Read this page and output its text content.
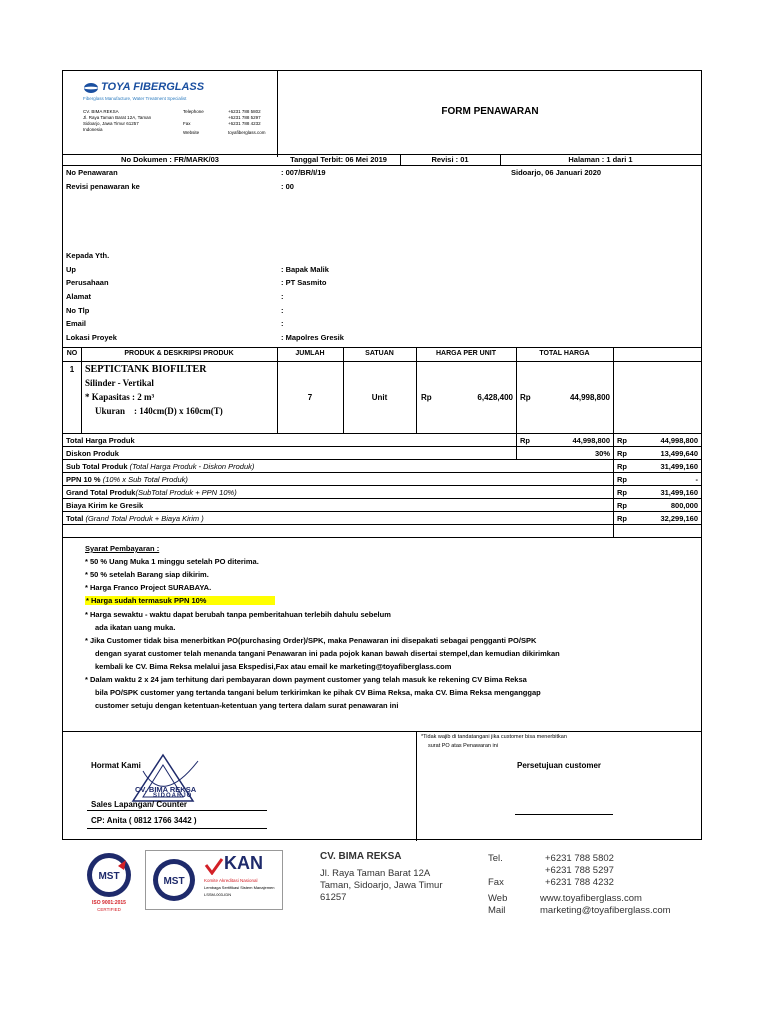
TOYA FIBERGLASS
Fiberglass Manufacture, Water Treatment Specialist
CV. BIMA REKSA
Jl. Raya Taman Barat 12A, Taman
Sidoarjo, Jawa Timur 61257
Indonesia
Telephone	+6231 788 5802
+6231 788 5297
Fax	+6231 788 4232
Website	toyafiberglass.com
FORM PENAWARAN
No Dokumen : FR/MARK/03	Tanggal Terbit: 06 Mei 2019	Revisi : 01	Halaman : 1 dari 1
No Penawaran	: 007/BR/I/19	Sidoarjo, 06 Januari 2020
Revisi penawaran ke	: 00
Kepada Yth.
Up	: Bapak Malik
Perusahaan	: PT Sasmito
Alamat	:
No Tlp	:
Email	:
Lokasi Proyek	: Mapolres Gresik
NO	PRODUK & DESKRIPSI PRODUK	JUMLAH	SATUAN	HARGA PER UNIT	TOTAL HARGA
1	SEPTICTANK BIOFILTER
Silinder - Vertikal
* Kapasitas : 2 m³
Ukuran    : 140cm(D) x 160cm(T)
7	Unit	Rp	6,428,400 Rp	44,998,800
Total Harga Produk	Rp	44,998,800 Rp	44,998,800
Diskon Produk	30% Rp	13,499,640
Sub Total Produk (Total Harga Produk - Diskon Produk)	Rp	31,499,160
PPN 10 % (10% x Sub Total Produk)	Rp	-
Grand Total Produk(SubTotal Produk + PPN 10%)	Rp	31,499,160
Biaya Kirim ke Gresik	Rp	800,000
Total (Grand Total Produk + Biaya Kirim )	Rp	32,299,160
Syarat Pembayaran :
* 50 % Uang Muka 1 minggu setelah PO diterima.
* 50 % setelah Barang siap dikirim.
* Harga Franco Project SURABAYA.
* Harga sudah termasuk PPN 10%
* Harga sewaktu - waktu dapat berubah tanpa pemberitahuan terlebih dahulu sebelum
ada ikatan uang muka.
* Jika Customer tidak bisa menerbitkan PO(purchasing Order)/SPK, maka Penawaran ini disepakati sebagai pengganti PO/SPK
dengan syarat customer telah menanda tangani Penawaran ini pada pojok kanan bawah disertai stempel,dan kemudian dikirimkan
kembali ke CV. Bima Reksa melalui jasa Ekspedisi,Fax atau email ke marketing@toyafiberglass.com
* Dalam waktu 2 x 24 jam terhitung dari pembayaran down payment customer yang telah masuk ke rekening CV Bima Reksa
bila PO/SPK customer yang tertanda tangani belum terkirimkan ke pihak CV Bima Reksa, maka CV. Bima Reksa menganggap
customer setuju dengan ketentuan-ketentuan yang tertera dalam surat penawaran ini
Hormat Kami
CV. BIMA REKSA
SIDOARJO
Sales Lapangan/ Counter
CP: Anita ( 0812 1766 3442 )
*Tidak wajib di tandatangani jika customer bisa menerbitkan
surat PO atas Penawaran ini
Persetujuan customer
MST
ISO 9001:2015
CERTIFIED
MST
KAN
Komite Akreditasi Nasional
Lembaga Sertifikasi Sistem Manajemen
LSSM-003-IDN
CV. BIMA REKSA
Jl. Raya Taman Barat 12A
Taman, Sidoarjo, Jawa Timur
61257
Tel.	+6231 788 5802
+6231 788 5297
Fax	+6231 788 4232
Web	www.toyafiberglass.com
Mail	marketing@toyafiberglass.com
